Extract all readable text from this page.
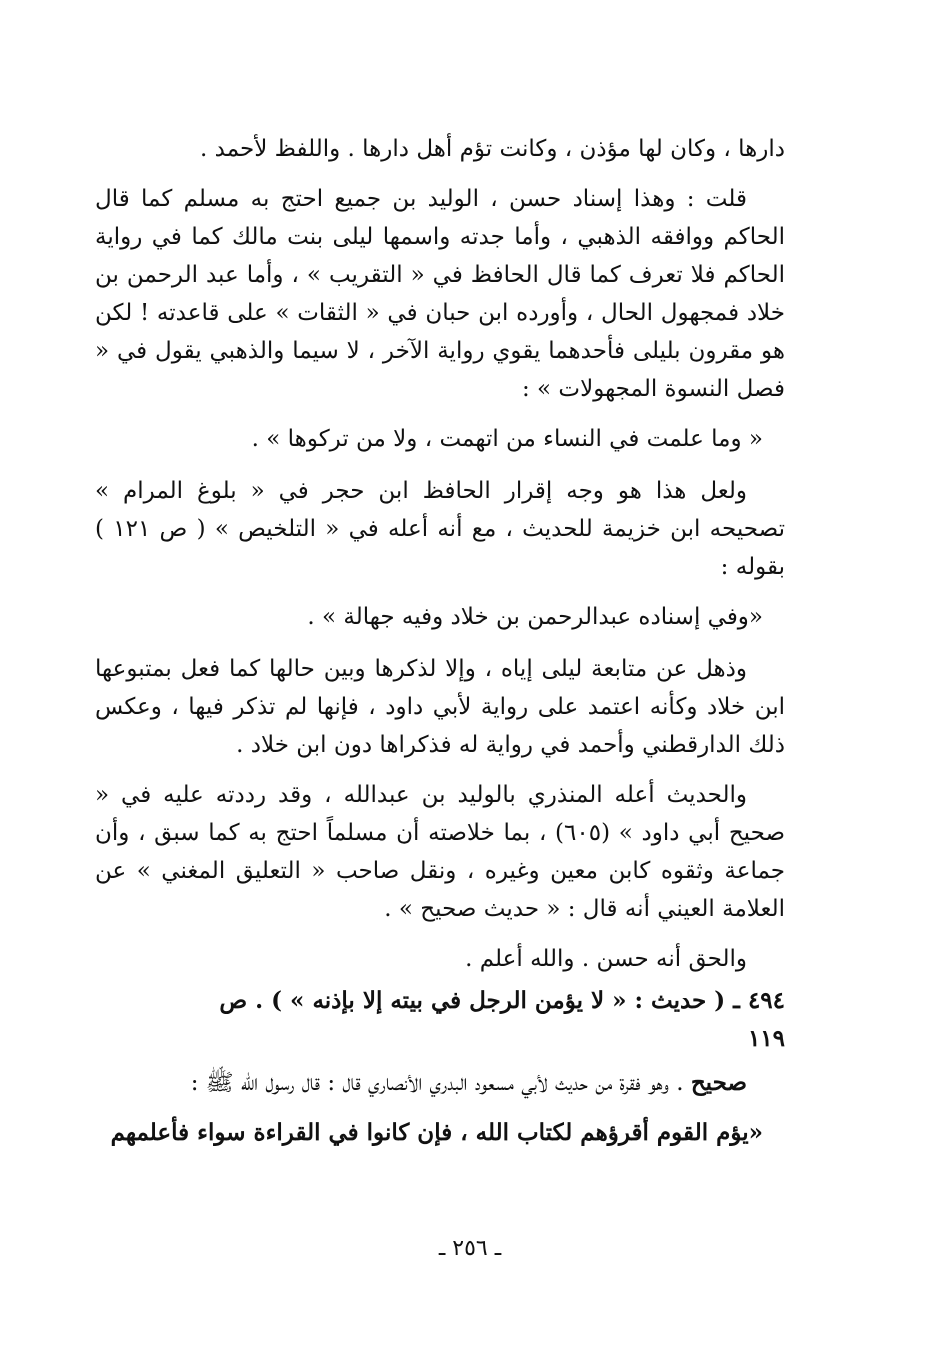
دارها ، وكان لها مؤذن ، وكانت تؤم أهل دارها . واللفظ لأحمد .

قلت : وهذا إسناد حسن ، الوليد بن جميع احتج به مسلم كما قال الحاكم ووافقه الذهبي ، وأما جدته واسمها ليلى بنت مالك كما في رواية الحاكم فلا تعرف كما قال الحافظ في « التقريب » ، وأما عبد الرحمن بن خلاد فمجهول الحال ، وأورده ابن حبان في « الثقات » على قاعدته ! لكن هو مقرون بليلى فأحدهما يقوي رواية الآخر ، لا سيما والذهبي يقول في « فصل النسوة المجهولات » :

« وما علمت في النساء من اتهمت ، ولا من تركوها » .

ولعل هذا هو وجه إقرار الحافظ ابن حجر في « بلوغ المرام » تصحيحه ابن خزيمة للحديث ، مع أنه أعله في « التلخيص » ( ص ١٢١ ) بقوله :

«وفي إسناده عبدالرحمن بن خلاد وفيه جهالة » .

وذهل عن متابعة ليلى إياه ، وإلا لذكرها وبين حالها كما فعل بمتبوعها ابن خلاد وكأنه اعتمد على رواية لأبي داود ، فإنها لم تذكر فيها ، وعكس ذلك الدارقطني وأحمد في رواية له فذكراها دون ابن خلاد .

والحديث أعله المنذري بالوليد بن عبدالله ، وقد رددته عليه في « صحيح أبي داود » (٦٠٥) ، بما خلاصته أن مسلماً احتج به كما سبق ، وأن جماعة وثقوه كابن معين وغيره ، ونقل صاحب « التعليق المغني » عن العلامة العيني أنه قال : « حديث صحيح » .

والحق أنه حسن . والله أعلم .

٤٩٤ ـ ( حديث : « لا يؤمن الرجل في بيته إلا بإذنه » ) . ص
١١٩

صحيح . وهو فقرة من حديث لأبي مسعود البدري الأنصاري قال : قال رسول الله ﷺ :

«يؤم القوم أقرؤهم لكتاب الله ، فإن كانوا في القراءة سواء فأعلمهم

ـ ٢٥٦ ـ
